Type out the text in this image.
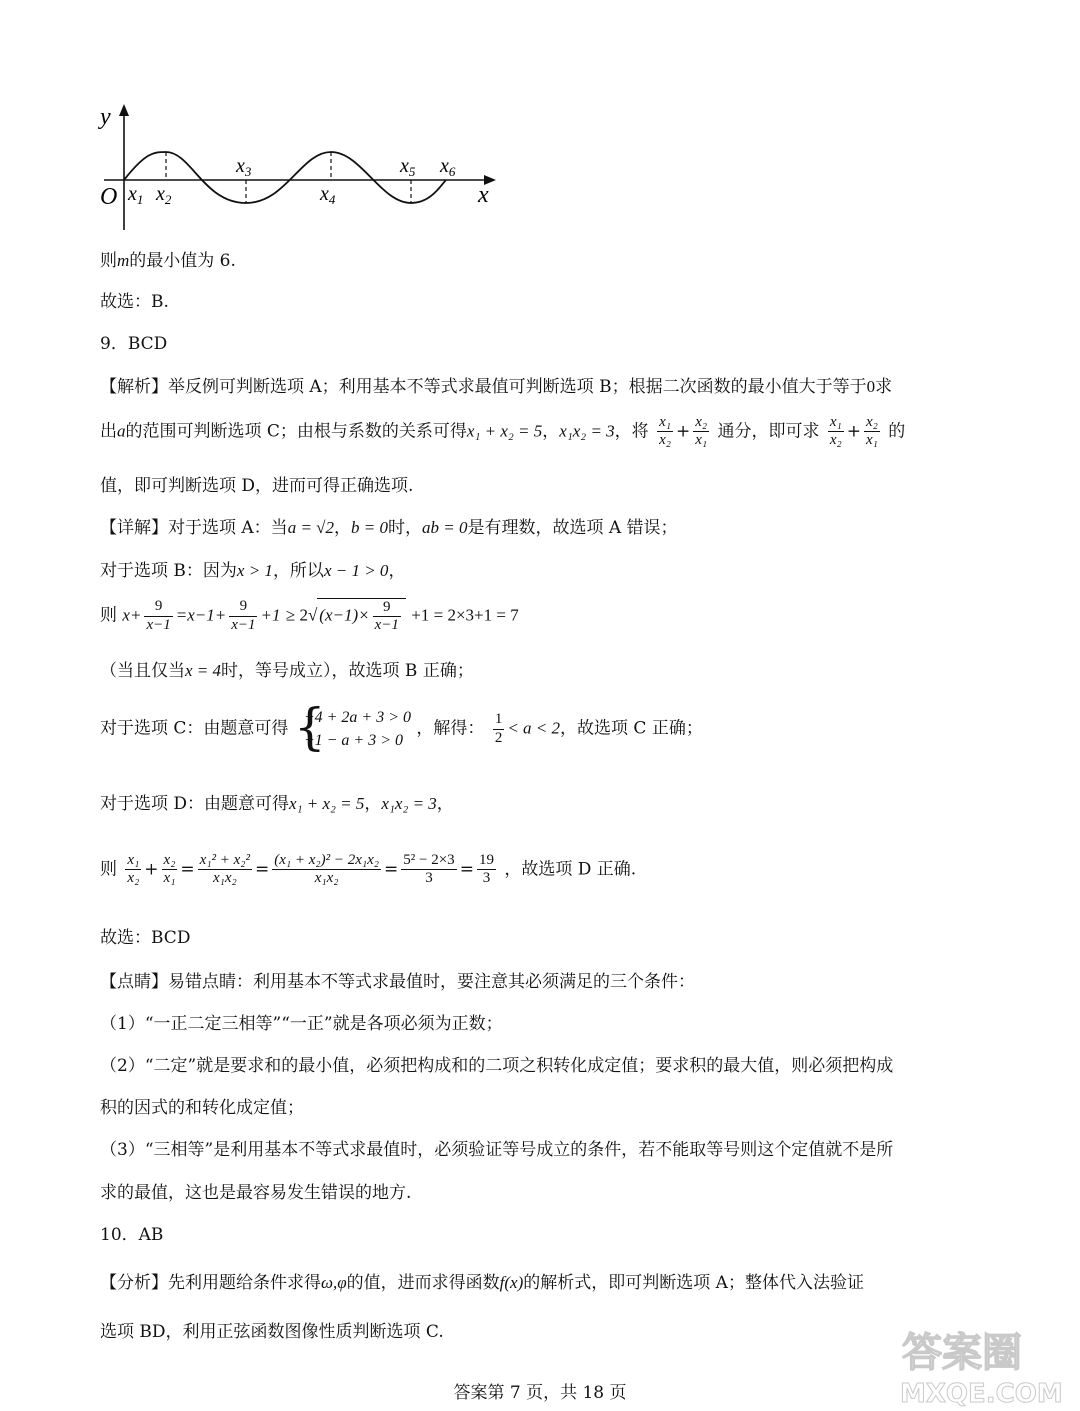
y
x
O $x_1$ $x_2$
$x_3$
$x_4$
$x_5$ $x_6$
则m的最小值为 6.
故选：B.
9．BCD
【解析】举反例可判断选项 A；利用基本不等式求最值可判断选项 B；根据二次函数的最小值大于等于0求
出a的范围可判断选项 C；由根与系数的关系可得x₁ + x₂ = 5，x₁x₂ = 3，将 $\frac{\text{x₁}}{\text{x₂}} + \frac{\text{x₂}}{\text{x₁}}$ 通分，即可求 $\frac{\text{x₁}}{\text{x₂}} + \frac{\text{x₂}}{\text{x₁}}$ 的
值，即可判断选项 D，进而可得正确选项.
【详解】对于选项 A：当a = √2，b = 0时，ab = 0是有理数，故选项 A 错误；
对于选项 B：因为x > 1，所以x − 1 > 0，
则 $x+ \frac{9}{x-1} =x-1+ \frac{9}{x-1} +1 \ge 2√$ $(x-1)\times \frac{9}{x-1} +1 = 2\times 3+1 = 7$
（当且仅当x = 4时，等号成立），故选项 B 正确；
对于选项 C：由题意可得 {
−4 + 2a + 3 > 0
−1 − a + 3 > 0
，解得： $\frac{1}{2} < a < 2$，故选项 C 正确；
对于选项 D：由题意可得x₁ + x₂ = 5，x₁x₂ = 3，
则 $\frac{\text{x₁}}{\text{x₂}} + \frac{\text{x₂}}{\text{x₁}} = \frac{\text{x₁² + x₂²}}{\text{x₁x₂}} = \frac{\text{(x₁ + x₂)² − 2x₁x₂}}{\text{x₁x₂}} = \frac{\text{5² − 2×3}}{3} = \frac{19}{3}$ ，故选项 D 正确.
故选：BCD
【点睛】易错点睛：利用基本不等式求最值时，要注意其必须满足的三个条件：
（1）“一正二定三相等”“一正”就是各项必须为正数；
（2）“二定”就是要求和的最小值，必须把构成和的二项之积转化成定值；要求积的最大值，则必须把构成
积的因式的和转化成定值；
（3）“三相等”是利用基本不等式求最值时，必须验证等号成立的条件，若不能取等号则这个定值就不是所
求的最值，这也是最容易发生错误的地方.
10．AB
【分析】先利用题给条件求得ω,φ的值，进而求得函数f(x)的解析式，即可判断选项 A；整体代入法验证
选项 BD，利用正弦函数图像性质判断选项 C.
答案第 7 页，共 18 页
答案圈
MXQE.COM
